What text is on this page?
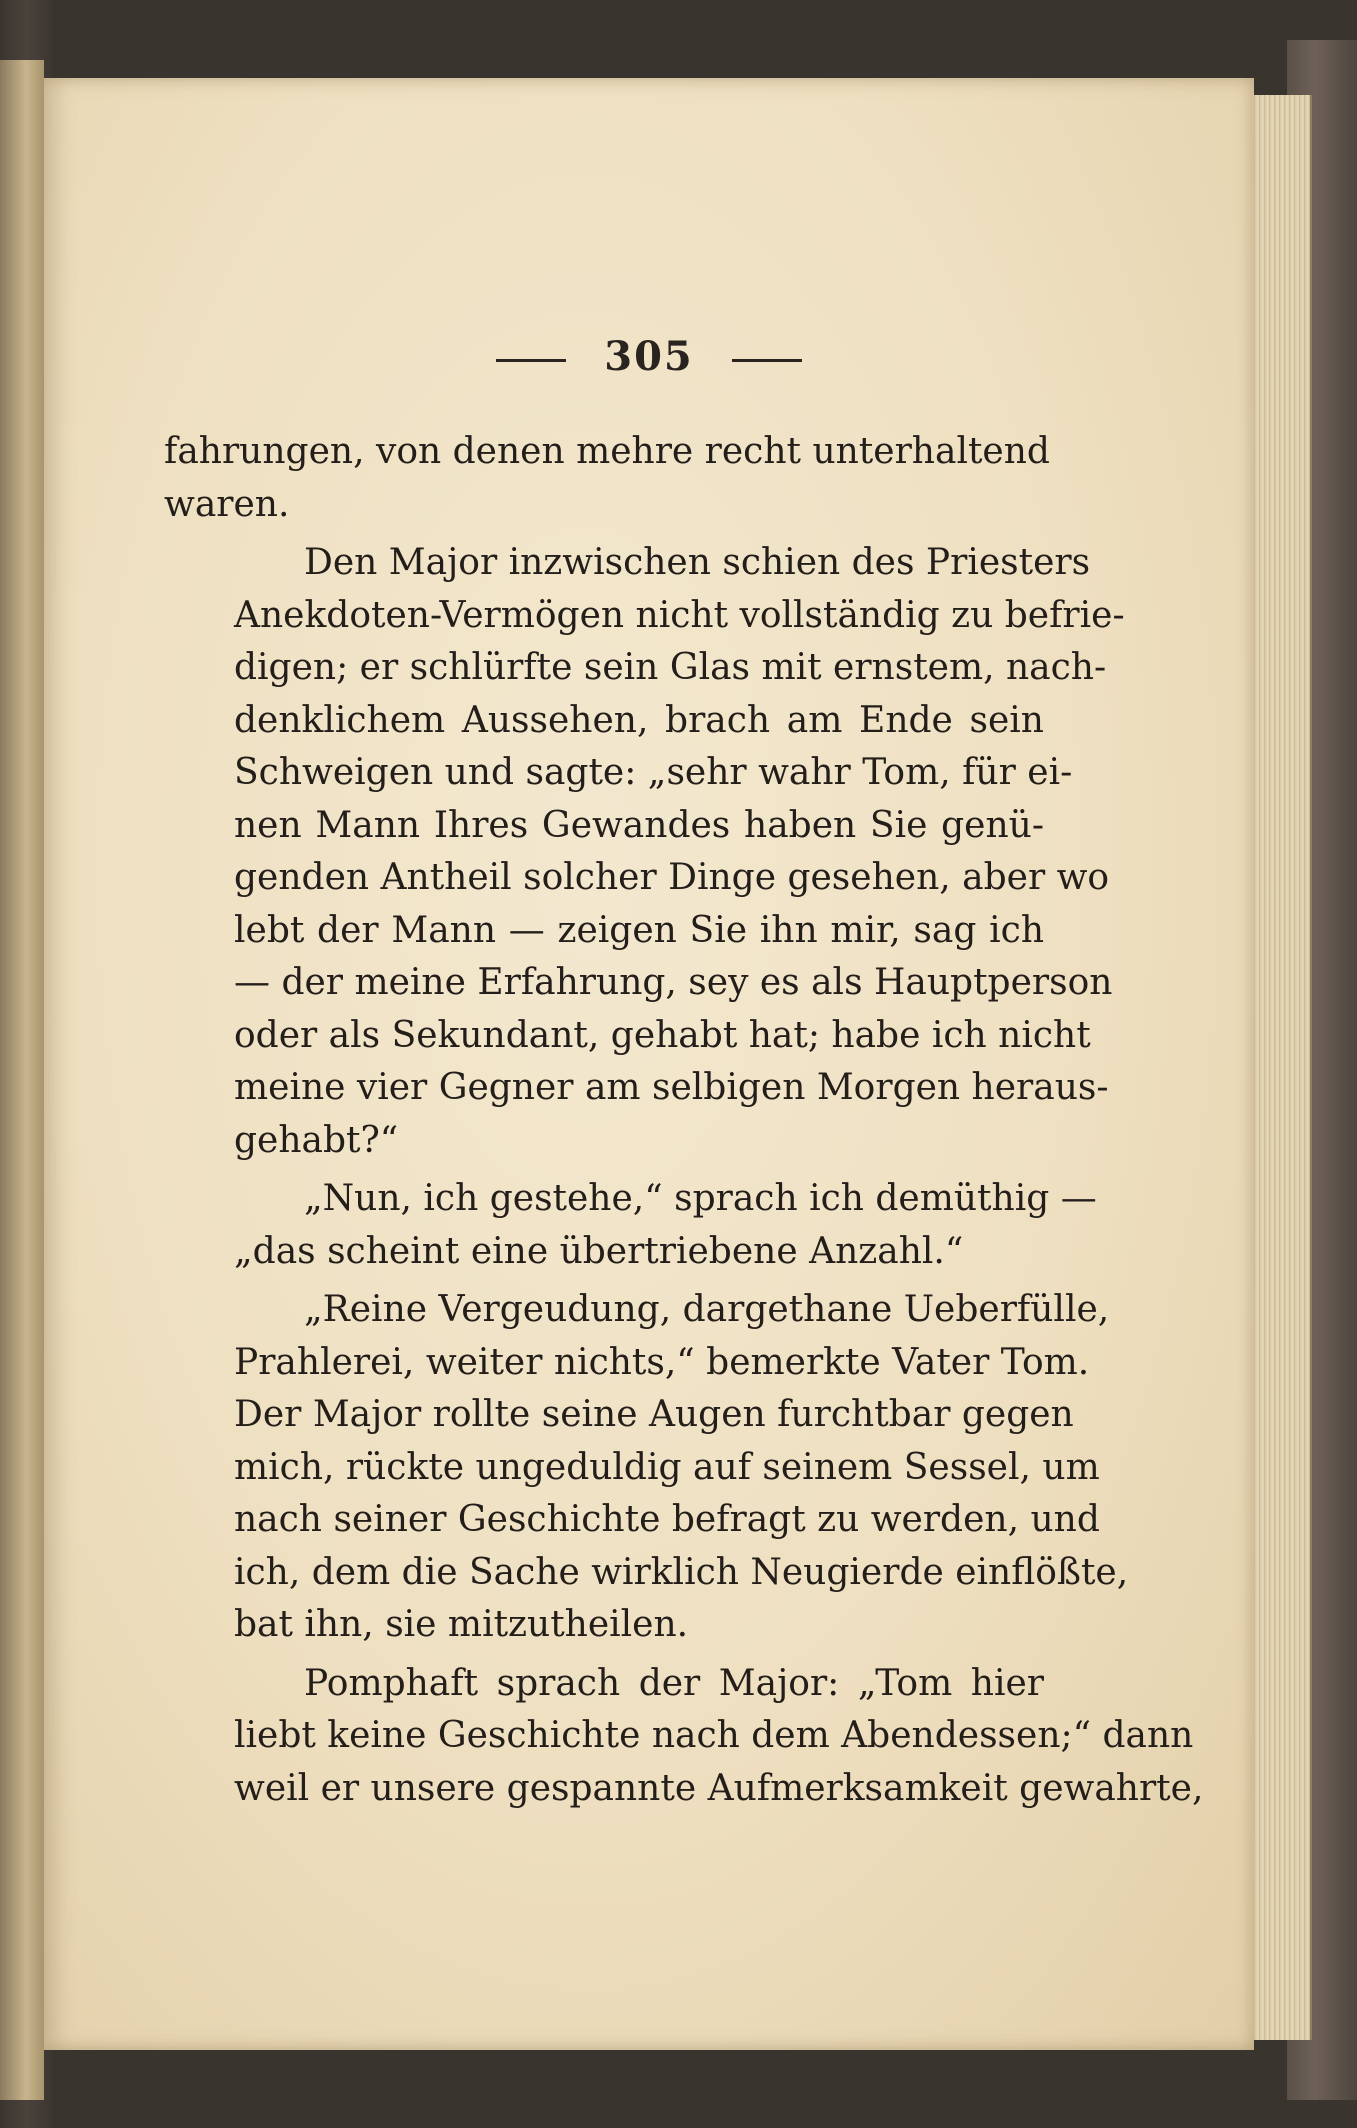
305
fahrungen, von denen mehre recht unterhaltend
waren.
Den Major inzwischen schien des Priesters
Anekdoten-Vermögen nicht vollständig zu befrie-
digen; er schlürfte sein Glas mit ernstem, nach-
denklichem Aussehen, brach am Ende sein
Schweigen und sagte: „sehr wahr Tom, für ei-
nen Mann Ihres Gewandes haben Sie genü-
genden Antheil solcher Dinge gesehen, aber wo
lebt der Mann — zeigen Sie ihn mir, sag ich
— der meine Erfahrung, sey es als Hauptperson
oder als Sekundant, gehabt hat; habe ich nicht
meine vier Gegner am selbigen Morgen heraus-
gehabt?“
„Nun, ich gestehe,“ sprach ich demüthig —
„das scheint eine übertriebene Anzahl.“
„Reine Vergeudung, dargethane Ueberfülle,
Prahlerei, weiter nichts,“ bemerkte Vater Tom.
Der Major rollte seine Augen furchtbar gegen
mich, rückte ungeduldig auf seinem Sessel, um
nach seiner Geschichte befragt zu werden, und
ich, dem die Sache wirklich Neugierde einflößte,
bat ihn, sie mitzutheilen.
Pomphaft sprach der Major: „Tom hier
liebt keine Geschichte nach dem Abendessen;“ dann
weil er unsere gespannte Aufmerksamkeit gewahrte,
